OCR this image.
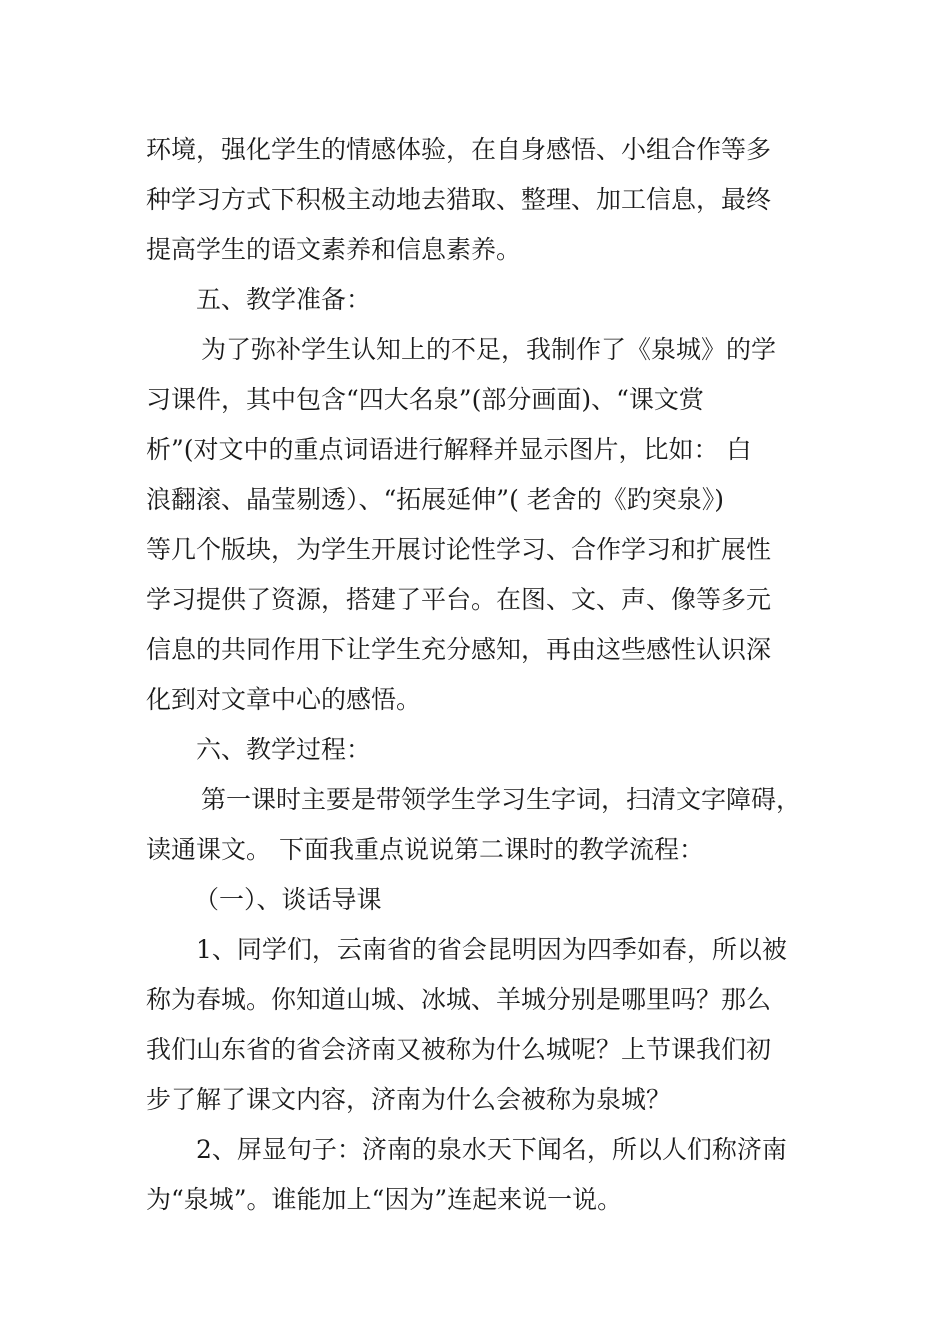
环境，强化学生的情感体验，在自身感悟、小组合作等多
种学习方式下积极主动地去猎取、整理、加工信息，最终
提高学生的语文素养和信息素养。
五、教学准备：
为了弥补学生认知上的不足，我制作了《泉城》的学
习课件，其中包含“四大名泉”(部分画面)、“课文赏
析”(对文中的重点词语进行解释并显示图片，比如： 白
浪翻滚、晶莹剔透）、“拓展延伸”( 老舍的《趵突泉》)
等几个版块，为学生开展讨论性学习、合作学习和扩展性
学习提供了资源，搭建了平台。在图、文、声、像等多元
信息的共同作用下让学生充分感知，再由这些感性认识深
化到对文章中心的感悟。
六、教学过程：
第一课时主要是带领学生学习生字词，扫清文字障碍，
读通课文。 下面我重点说说第二课时的教学流程：
（一）、谈话导课
1、同学们，云南省的省会昆明因为四季如春，所以被
称为春城。你知道山城、冰城、羊城分别是哪里吗？那么
我们山东省的省会济南又被称为什么城呢？上节课我们初
步了解了课文内容，济南为什么会被称为泉城？
2、屏显句子：济南的泉水天下闻名，所以人们称济南
为“泉城”。谁能加上“因为”连起来说一说。
